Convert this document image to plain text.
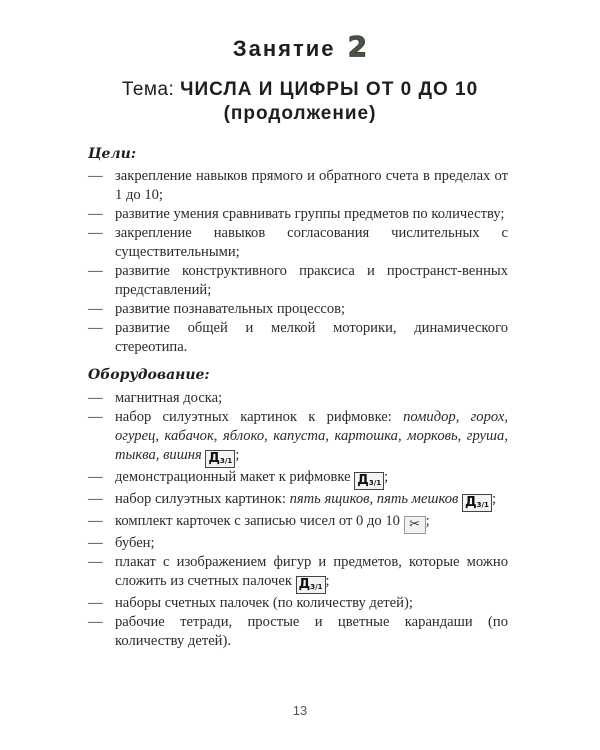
Занятие 2
Тема: ЧИСЛА И ЦИФРЫ ОТ 0 ДО 10
(продолжение)
Цели:
— закрепление навыков прямого и обратного счета в пределах от 1 до 10;
— развитие умения сравнивать группы предметов по количеству;
— закрепление навыков согласования числительных с существительными;
— развитие конструктивного праксиса и пространст-венных представлений;
— развитие познавательных процессов;
— развитие общей и мелкой моторики, динамического стереотипа.
Оборудование:
— магнитная доска;
— набор силуэтных картинок к рифмовке: помидор, горох, огурец, кабачок, яблоко, капуста, картошка, морковь, груша, тыква, вишня $Д_{3/1}$ ;
— демонстрационный макет к рифмовке $Д_{3/1}$ ;
— набор силуэтных картинок: пять ящиков, пять мешков $Д_{3/1}$ ;
— комплект карточек с записью чисел от 0 до 10 ✂ ;
— бубен;
— плакат с изображением фигур и предметов, которые можно сложить из счетных палочек $Д_{3/1}$ ;
— наборы счетных палочек (по количеству детей);
— рабочие тетради, простые и цветные карандаши (по количеству детей).
13
